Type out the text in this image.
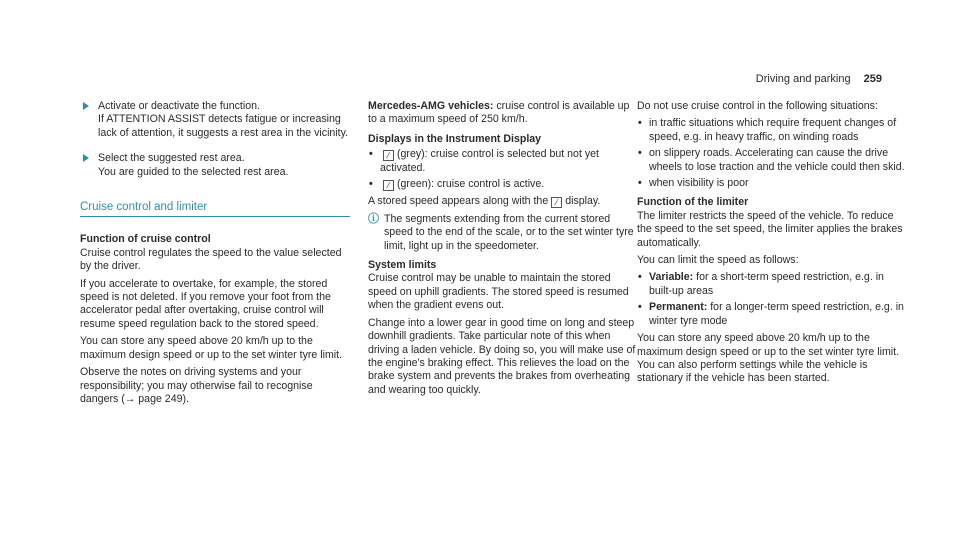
Driving and parking 259
Activate or deactivate the function.
If ATTENTION ASSIST detects fatigue or increasing lack of attention, it suggests a rest area in the vicinity.
Select the suggested rest area.
You are guided to the selected rest area.
Cruise control and limiter
Function of cruise control

Cruise control regulates the speed to the value selected by the driver.

If you accelerate to overtake, for example, the stored speed is not deleted. If you remove your foot from the accelerator pedal after overtaking, cruise control will resume speed regulation back to the stored speed.

You can store any speed above 20 km/h up to the maximum design speed or up to the set winter tyre limit.

Observe the notes on driving systems and your responsibility; you may otherwise fail to recognise dangers (→ page 249).

Mercedes-AMG vehicles: cruise control is available up to a maximum speed of 250 km/h.

Displays in the Instrument Display
• ⁄ (grey): cruise control is selected but not yet activated.
• ⁄ (green): cruise control is active.

A stored speed appears along with the ⁄ display.

ⓘ The segments extending from the current stored speed to the end of the scale, or to the set winter tyre limit, light up in the speedometer.
System limits

Cruise control may be unable to maintain the stored speed on uphill gradients. The stored speed is resumed when the gradient evens out.

Change into a lower gear in good time on long and steep downhill gradients. Take particular note of this when driving a laden vehicle. By doing so, you will make use of the engine's braking effect. This relieves the load on the brake system and prevents the brakes from overheating and wearing too quickly.

Do not use cruise control in the following situations:

• in traffic situations which require frequent changes of speed, e.g. in heavy traffic, on winding roads
• on slippery roads. Accelerating can cause the drive wheels to lose traction and the vehicle could then skid.
• when visibility is poor
Function of the limiter

The limiter restricts the speed of the vehicle. To reduce the speed to the set speed, the limiter applies the brakes automatically.

You can limit the speed as follows:

• Variable: for a short-term speed restriction, e.g. in built-up areas
• Permanent: for a longer-term speed restriction, e.g. in winter tyre mode

You can store any speed above 20 km/h up to the maximum design speed or up to the set winter tyre limit. You can also perform settings while the vehicle is stationary if the vehicle has been started.
